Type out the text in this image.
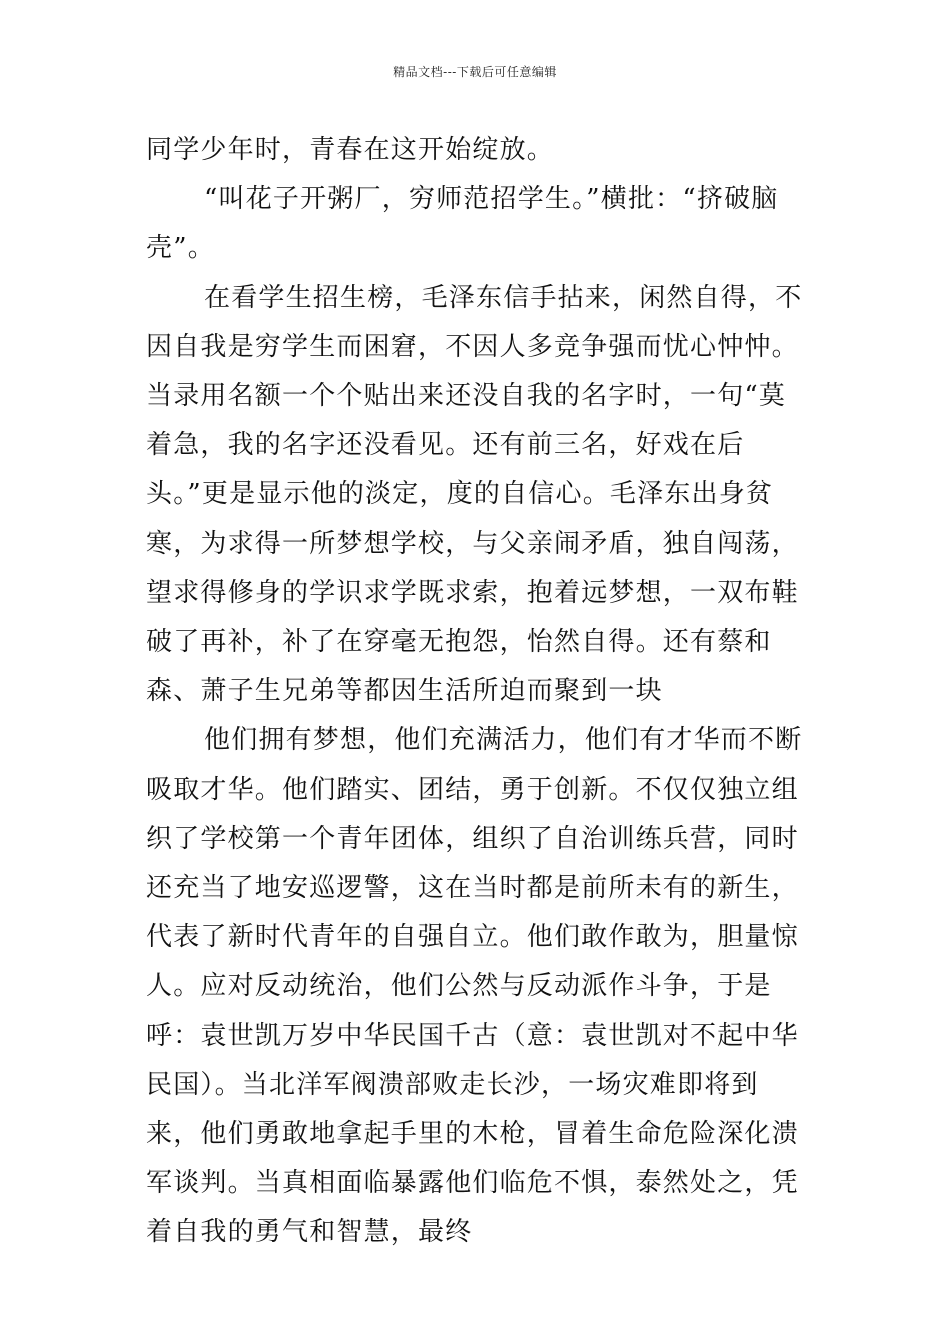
精品文档---下载后可任意编辑

同学少年时，青春在这开始绽放。

“叫花子开粥厂，穷师范招学生。”横批：“挤破脑壳”。

在看学生招生榜，毛泽东信手拈来，闲然自得，不因自我是穷学生而困窘，不因人多竞争强而忧心忡忡。当录用名额一个个贴出来还没自我的名字时，一句“莫着急，我的名字还没看见。还有前三名，好戏在后头。”更是显示他的淡定，度的自信心。毛泽东出身贫寒，为求得一所梦想学校，与父亲闹矛盾，独自闯荡，望求得修身的学识求学既求索，抱着远梦想，一双布鞋破了再补，补了在穿毫无抱怨，怡然自得。还有蔡和森、萧子生兄弟等都因生活所迫而聚到一块

他们拥有梦想，他们充满活力，他们有才华而不断吸取才华。他们踏实、团结，勇于创新。不仅仅独立组织了学校第一个青年团体，组织了自治训练兵营，同时还充当了地安巡逻警，这在当时都是前所未有的新生，代表了新时代青年的自强自立。他们敢作敢为，胆量惊人。应对反动统治，他们公然与反动派作斗争，于是呼：袁世凯万岁中华民国千古（意：袁世凯对不起中华民国）。当北洋军阀溃部败走长沙，一场灾难即将到来，他们勇敢地拿起手里的木枪，冒着生命危险深化溃军谈判。当真相面临暴露他们临危不惧，泰然处之，凭着自我的勇气和智慧，最终
